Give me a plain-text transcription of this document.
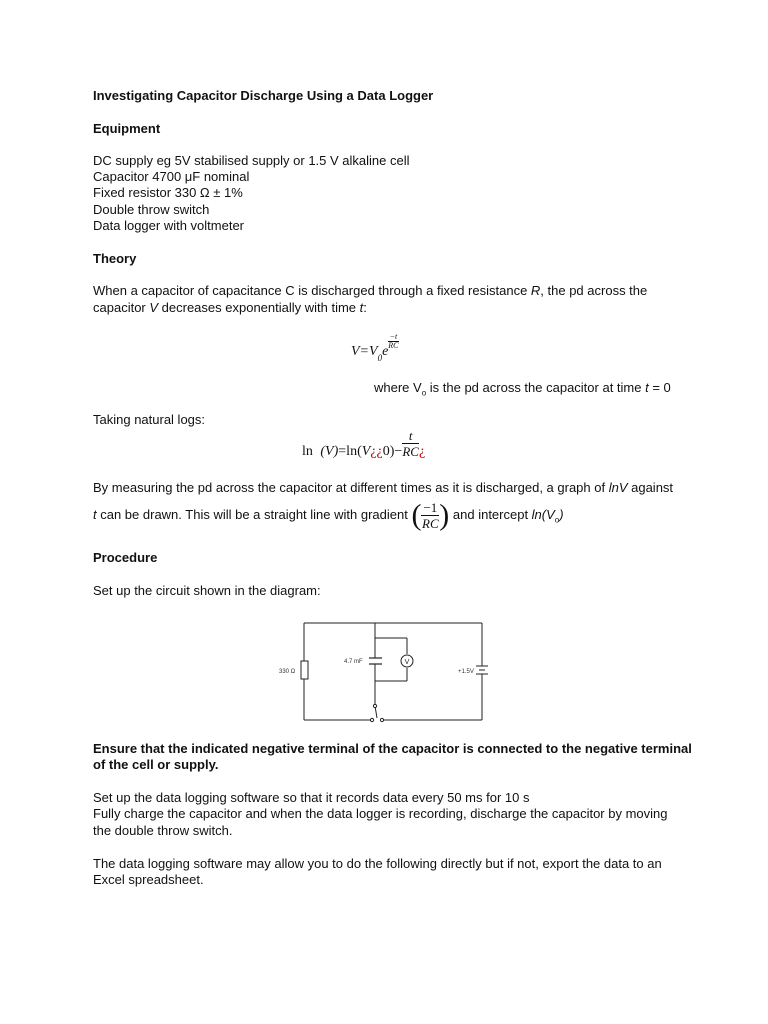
Investigating Capacitor Discharge Using a Data Logger
Equipment
DC supply eg 5V stabilised supply or 1.5 V alkaline cell
Capacitor 4700 μF nominal
Fixed resistor 330 Ω ± 1%
Double throw switch
Data logger with voltmeter
Theory
When a capacitor of capacitance C is discharged through a fixed resistance R, the pd across the
capacitor V decreases exponentially with time t:
$V=V_0e$
$\frac{-t}{RC}$
where $V_o$ is the pd across the capacitor at time t = 0
Taking natural logs:
ln (V)=ln(V¿¿0)− $\frac{t}{RC}$ ¿
By measuring the pd across the capacitor at different times as it is discharged, a graph of lnV against
t can be drawn. This will be a straight line with gradient ( $\frac{-1}{RC}$ ) and intercept $\ln(V_o)$
Procedure
Set up the circuit shown in the diagram:
V
330 Ω
4.7 mF
+1.5V
Ensure that the indicated negative terminal of the capacitor is connected to the negative terminal
of the cell or supply.
Set up the data logging software so that it records data every 50 ms for 10 s
Fully charge the capacitor and when the data logger is recording, discharge the capacitor by moving
the double throw switch.
The data logging software may allow you to do the following directly but if not, export the data to an
Excel spreadsheet.
